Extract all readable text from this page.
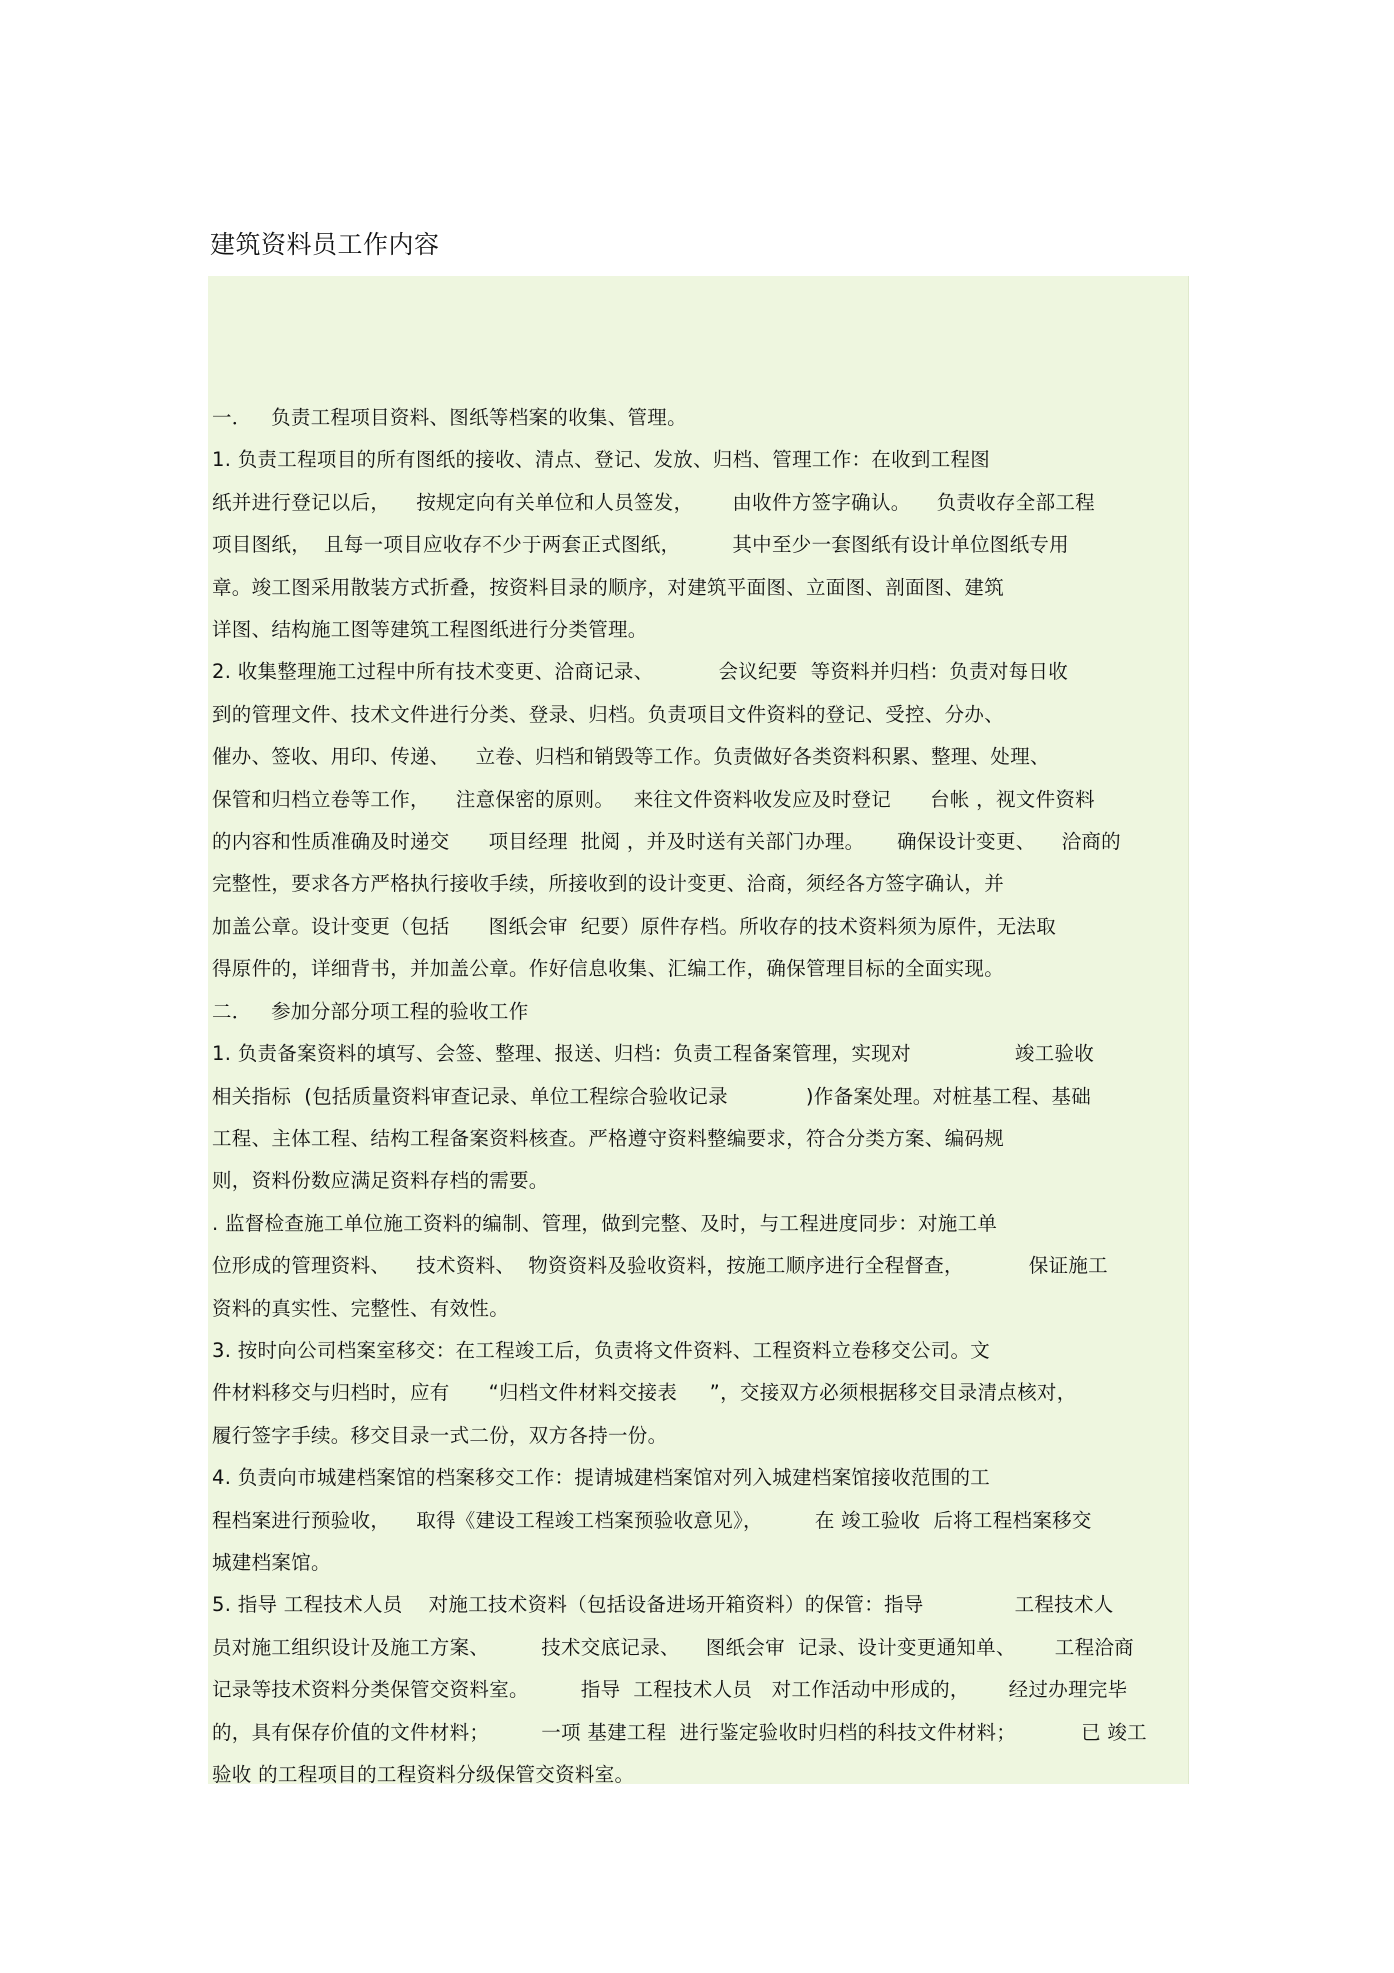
建筑资料员工作内容
一．   负责工程项目资料、图纸等档案的收集、管理。
1. 负责工程项目的所有图纸的接收、清点、登记、发放、归档、管理工作：在收到工程图
纸并进行登记以后，    按规定向有关单位和人员签发，      由收件方签字确认。    负责收存全部工程
项目图纸，  且每一项目应收存不少于两套正式图纸，        其中至少一套图纸有设计单位图纸专用
章。竣工图采用散装方式折叠，按资料目录的顺序，对建筑平面图、立面图、剖面图、建筑
详图、结构施工图等建筑工程图纸进行分类管理。
2. 收集整理施工过程中所有技术变更、洽商记录、          会议纪要  等资料并归档：负责对每日收
到的管理文件、技术文件进行分类、登录、归档。负责项目文件资料的登记、受控、分办、
催办、签收、用印、传递、    立卷、归档和销毁等工作。负责做好各类资料积累、整理、处理、
保管和归档立卷等工作，    注意保密的原则。   来往文件资料收发应及时登记      台帐 ，视文件资料
的内容和性质准确及时递交      项目经理  批阅 ，并及时送有关部门办理。     确保设计变更、    洽商的
完整性，要求各方严格执行接收手续，所接收到的设计变更、洽商，须经各方签字确认，并
加盖公章。设计变更（包括      图纸会审  纪要）原件存档。所收存的技术资料须为原件，无法取
得原件的，详细背书，并加盖公章。作好信息收集、汇编工作，确保管理目标的全面实现。
二．   参加分部分项工程的验收工作
1. 负责备案资料的填写、会签、整理、报送、归档：负责工程备案管理，实现对                竣工验收
相关指标  (包括质量资料审查记录、单位工程综合验收记录            )作备案处理。对桩基工程、基础
工程、主体工程、结构工程备案资料核查。严格遵守资料整编要求，符合分类方案、编码规
则，资料份数应满足资料存档的需要。
. 监督检查施工单位施工资料的编制、管理，做到完整、及时，与工程进度同步：对施工单
位形成的管理资料、    技术资料、  物资资料及验收资料，按施工顺序进行全程督查，          保证施工
资料的真实性、完整性、有效性。
3. 按时向公司档案室移交：在工程竣工后，负责将文件资料、工程资料立卷移交公司。文
件材料移交与归档时，应有      “归档文件材料交接表     ”，交接双方必须根据移交目录清点核对，
履行签字手续。移交目录一式二份，双方各持一份。
4. 负责向市城建档案馆的档案移交工作：提请城建档案馆对列入城建档案馆接收范围的工
程档案进行预验收，    取得《建设工程竣工档案预验收意见》，        在 竣工验收  后将工程档案移交
城建档案馆。
5. 指导 工程技术人员    对施工技术资料（包括设备进场开箱资料）的保管：指导              工程技术人
员对施工组织设计及施工方案、        技术交底记录、    图纸会审  记录、设计变更通知单、      工程洽商
记录等技术资料分类保管交资料室。        指导  工程技术人员   对工作活动中形成的，      经过办理完毕
的，具有保存价值的文件材料；        一项 基建工程  进行鉴定验收时归档的科技文件材料；          已 竣工
验收 的工程项目的工程资料分级保管交资料室。
